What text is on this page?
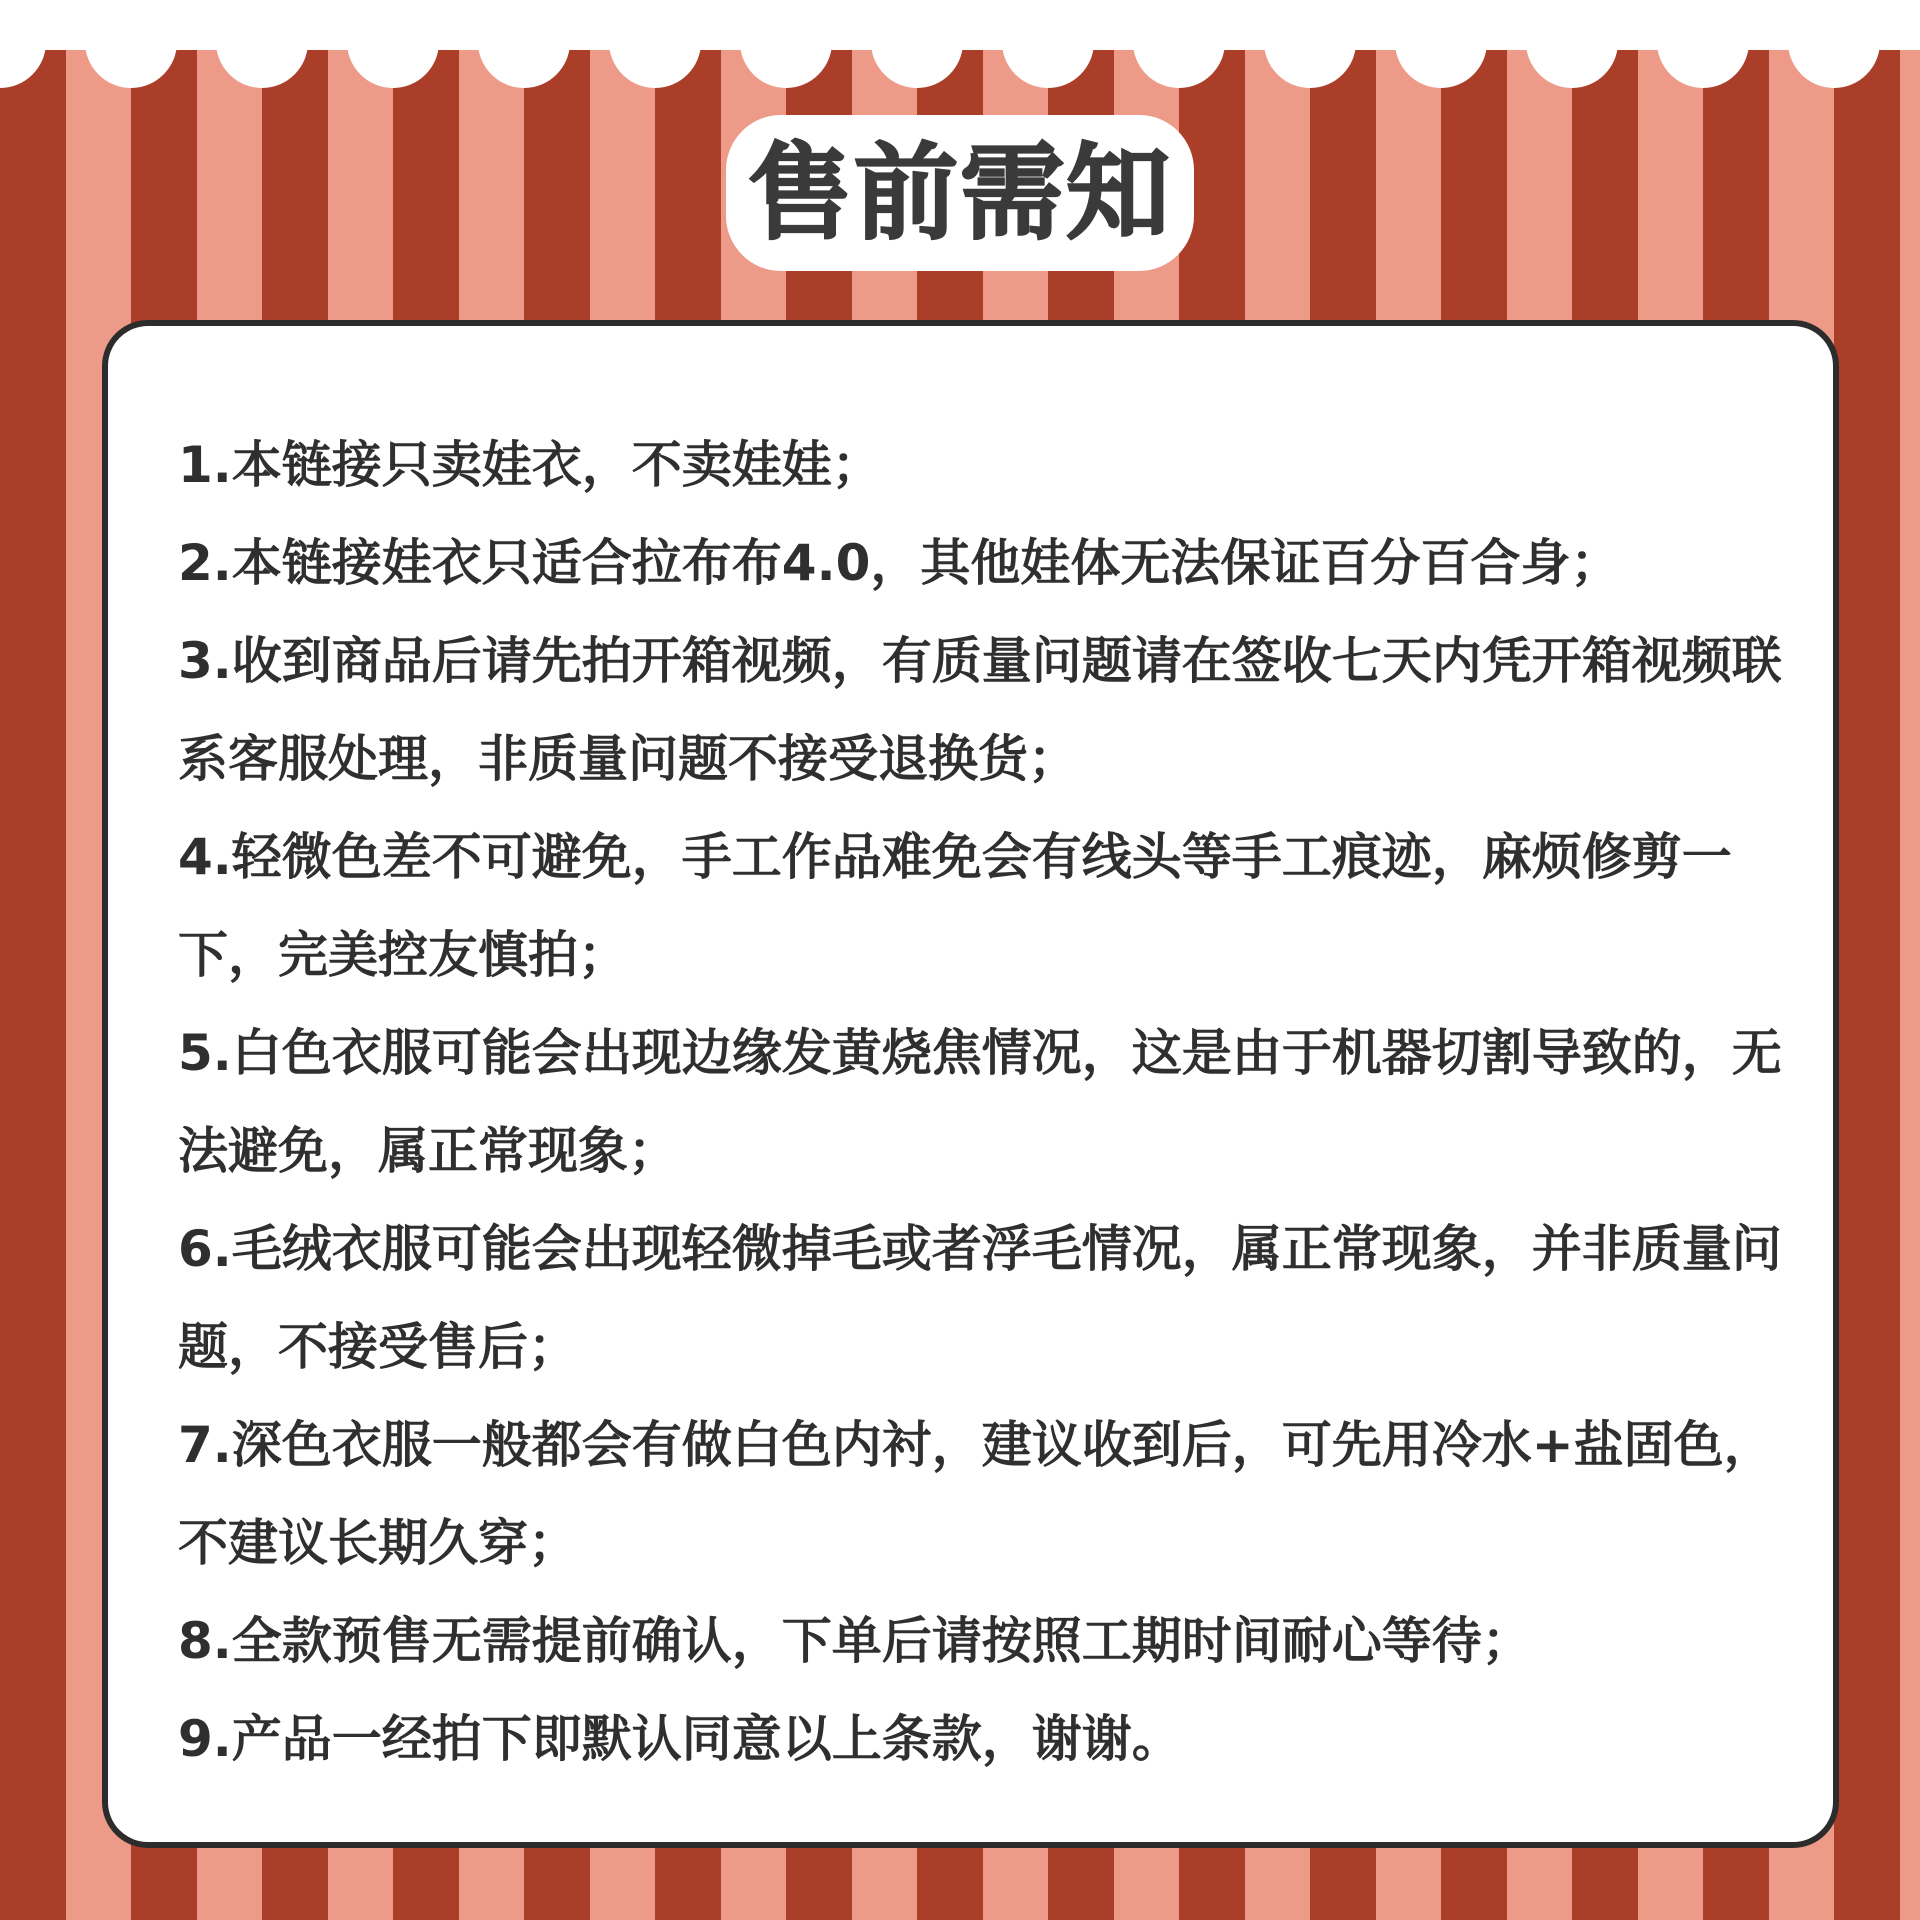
售前需知
1.本链接只卖娃衣，不卖娃娃；
2.本链接娃衣只适合拉布布4.0，其他娃体无法保证百分百合身；
3.收到商品后请先拍开箱视频，有质量问题请在签收七天内凭开箱视频联系客服处理，非质量问题不接受退换货；
4.轻微色差不可避免，手工作品难免会有线头等手工痕迹，麻烦修剪一下，完美控友慎拍；
5.白色衣服可能会出现边缘发黄烧焦情况，这是由于机器切割导致的，无法避免，属正常现象；
6.毛绒衣服可能会出现轻微掉毛或者浮毛情况，属正常现象，并非质量问题，不接受售后；
7.深色衣服一般都会有做白色内衬，建议收到后，可先用冷水+盐固色，不建议长期久穿；
8.全款预售无需提前确认，下单后请按照工期时间耐心等待；
9.产品一经拍下即默认同意以上条款，谢谢。
